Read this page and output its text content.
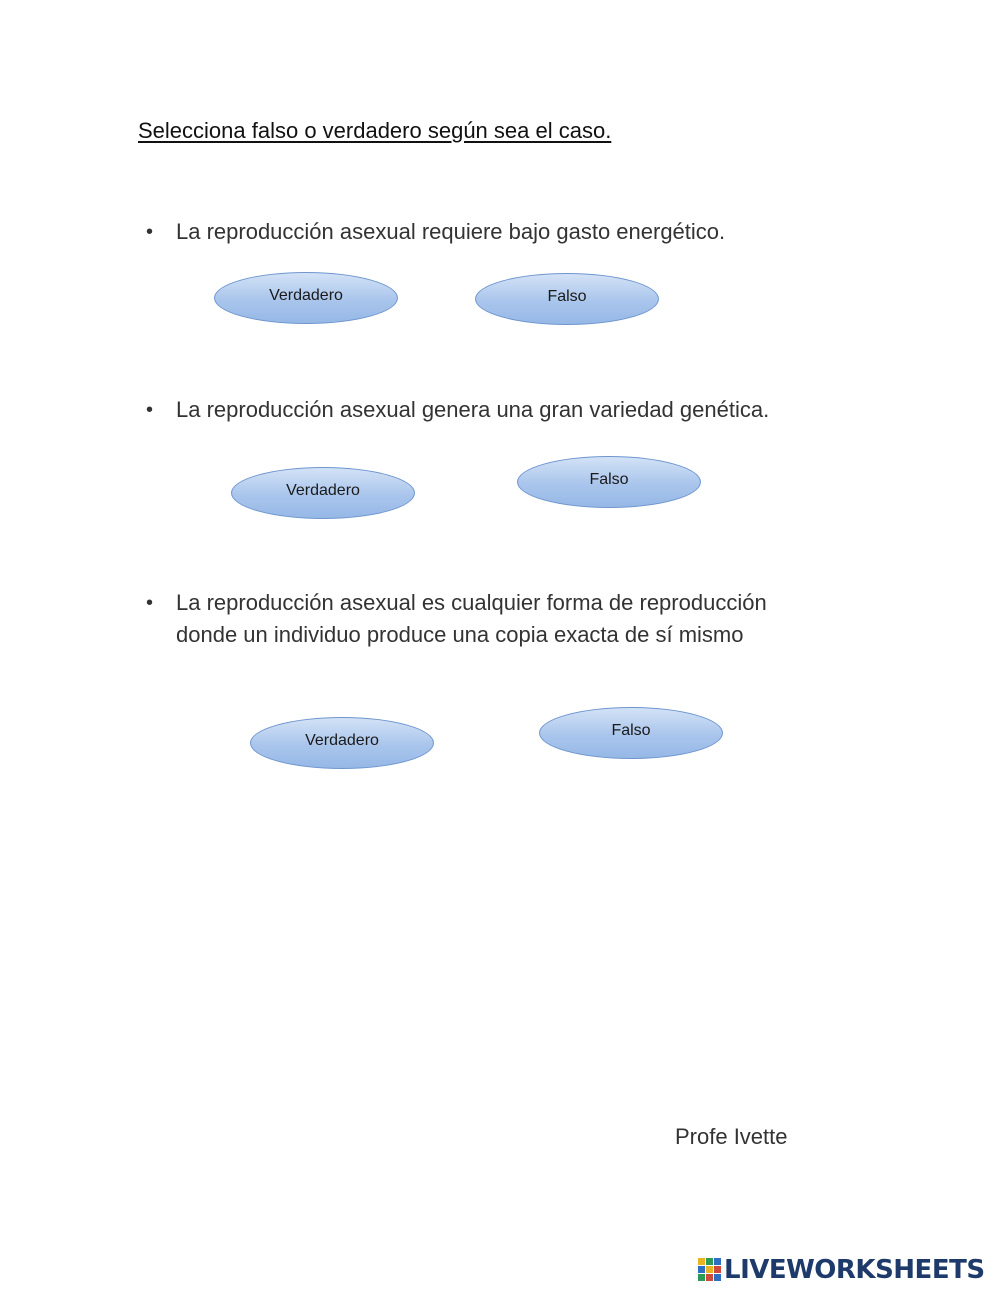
Selecciona falso o verdadero según sea el caso.
•	La reproducción asexual requiere bajo gasto energético.
Verdadero	Falso
•	La reproducción asexual genera una gran variedad genética.
Verdadero
Falso
•	La reproducción asexual es cualquier forma de reproducción donde un individuo produce una copia exacta de sí mismo
Verdadero
Falso
Profe Ivette
LIVEWORKSHEETS
